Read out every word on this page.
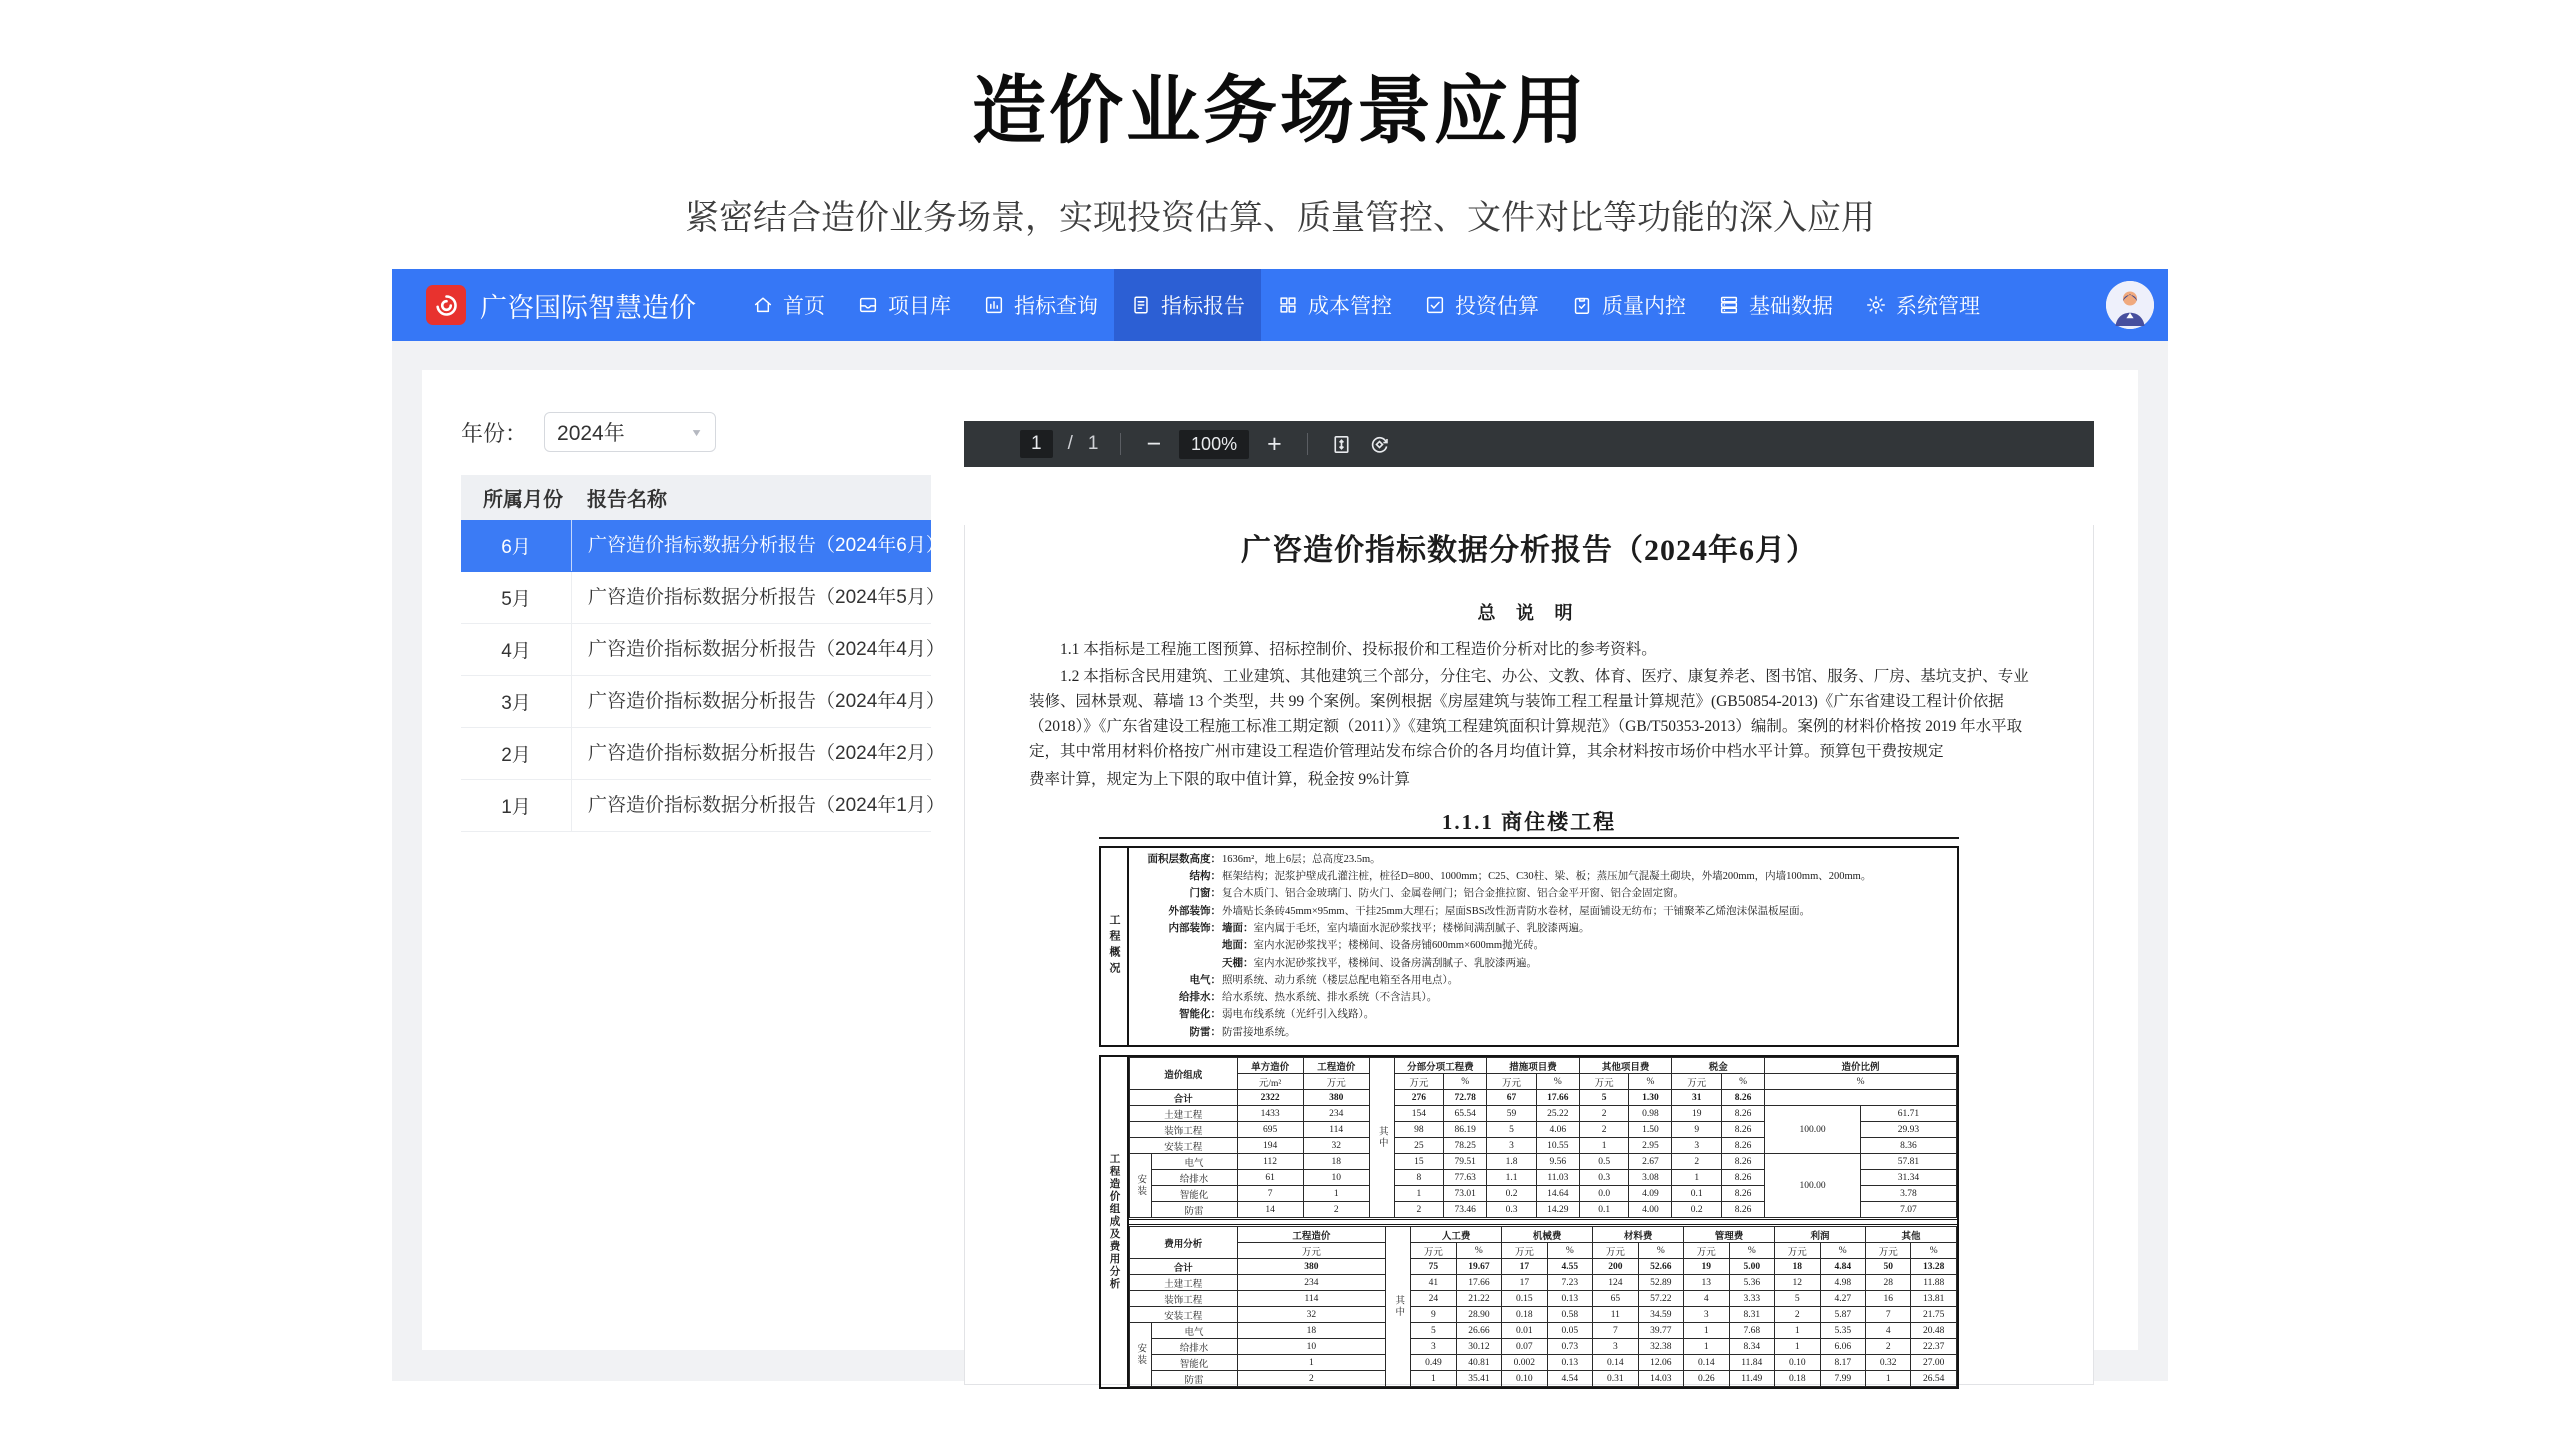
造价业务场景应用
紧密结合造价业务场景，实现投资估算、质量管控、文件对比等功能的深入应用
广咨国际智慧造价	首页	项目库	指标查询	指标报告	成本管控	投资估算	质量内控	基础数据	系统管理
年份： 2024年	▼
所属月份	报告名称
6月	广咨造价指标数据分析报告（2024年6月）
5月	广咨造价指标数据分析报告（2024年5月）
4月	广咨造价指标数据分析报告（2024年4月）
3月	广咨造价指标数据分析报告（2024年4月）
2月	广咨造价指标数据分析报告（2024年2月）
1月	广咨造价指标数据分析报告（2024年1月）
1	/ 1 −	100%	+
广咨造价指标数据分析报告（2024年6月）
总 说 明
1.1 本指标是工程施工图预算、招标控制价、投标报价和工程造价分析对比的参考资料。
1.2 本指标含民用建筑、工业建筑、其他建筑三个部分，分住宅、办公、文教、体育、医疗、康复养老、图书馆、服务、厂房、基坑支护、专业装修、园林景观、幕墙 13 个类型，共 99 个案例。案例根据《房屋建筑与装饰工程工程量计算规范》(GB50854-2013)《广东省建设工程计价依据（2018）》《广东省建设工程施工标准工期定额（2011）》《建筑工程建筑面积计算规范》（GB/T50353-2013）编制。案例的材料价格按 2019 年水平取定，其中常用材料价格按广州市建设工程造价管理站发布综合价的各月均值计算，其余材料按市场价中档水平计算。预算包干费按规定
费率计算，规定为上下限的取中值计算，税金按 9%计算
1.1.1 商住楼工程
工程概况
面积层数高度： 1636m²，地上6层；总高度23.5m。
结构： 框架结构；泥浆护壁成孔灌注桩，桩径D=800、1000mm；C25、C30柱、梁、板；蒸压加气混凝土砌块，外墙200mm，内墙100mm、200mm。
门窗： 复合木质门、铝合金玻璃门、防火门、金属卷闸门；铝合金推拉窗、铝合金平开窗、铝合金固定窗。
外部装饰： 外墙贴长条砖45mm×95mm、干挂25mm大理石；屋面SBS改性沥青防水卷材，屋面铺设无纺布；干铺聚苯乙烯泡沫保温板屋面。
内部装饰： 墙面：室内属于毛坯，室内墙面水泥砂浆找平；楼梯间满刮腻子、乳胶漆两遍。
地面：室内水泥砂浆找平；楼梯间、设备房铺600mm×600mm抛光砖。
天棚：室内水泥砂浆找平，楼梯间、设备房满刮腻子、乳胶漆两遍。
电气： 照明系统、动力系统（楼层总配电箱至各用电点）。
给排水： 给水系统、热水系统、排水系统（不含洁具）。
智能化： 弱电布线系统（光纤引入线路）。
防雷： 防雷接地系统。
工程造价组成及费用分析
造价组成		单方造价	工程造价	其中	分部分项工程费		措施项目费		其他项目费		税金		造价比例	
		元/m²	万元		万元	%	万元	%	万元	%	万元	%	%	
合计		2322	380		276	72.78	67	17.66	5	1.30	31	8.26		
土建工程		1433	234		154	65.54	59	25.22	2	0.98	19	8.26	100.00	61.71
装饰工程		695	114		98	86.19	5	4.06	2	1.50	9	8.26		29.93
安装工程		194	32		25	78.25	3	10.55	1	2.95	3	8.26		8.36
安装	电气	112	18		15	79.51	1.8	9.56	0.5	2.67	2	8.26	100.00	57.81
	给排水	61	10		8	77.63	1.1	11.03	0.3	3.08	1	8.26		31.34
	智能化	7	1		1	73.01	0.2	14.64	0.0	4.09	0.1	8.26		3.78
	防雷	14	2		2	73.46	0.3	14.29	0.1	4.00	0.2	8.26		7.07
费用分析		工程造价	其中	人工费		机械费		材料费		管理费		利润		其他	
		万元		万元	%	万元	%	万元	%	万元	%	万元	%	万元	%
合计		380		75	19.67	17	4.55	200	52.66	19	5.00	18	4.84	50	13.28
土建工程		234		41	17.66	17	7.23	124	52.89	13	5.36	12	4.98	28	11.88
装饰工程		114		24	21.22	0.15	0.13	65	57.22	4	3.33	5	4.27	16	13.81
安装工程		32		9	28.90	0.18	0.58	11	34.59	3	8.31	2	5.87	7	21.75
安装	电气	18		5	26.66	0.01	0.05	7	39.77	1	7.68	1	5.35	4	20.48
	给排水	10		3	30.12	0.07	0.73	3	32.38	1	8.34	1	6.06	2	22.37
	智能化	1		0.49	40.81	0.002	0.13	0.14	12.06	0.14	11.84	0.10	8.17	0.32	27.00
	防雷	2		1	35.41	0.10	4.54	0.31	14.03	0.26	11.49	0.18	7.99	1	26.54
